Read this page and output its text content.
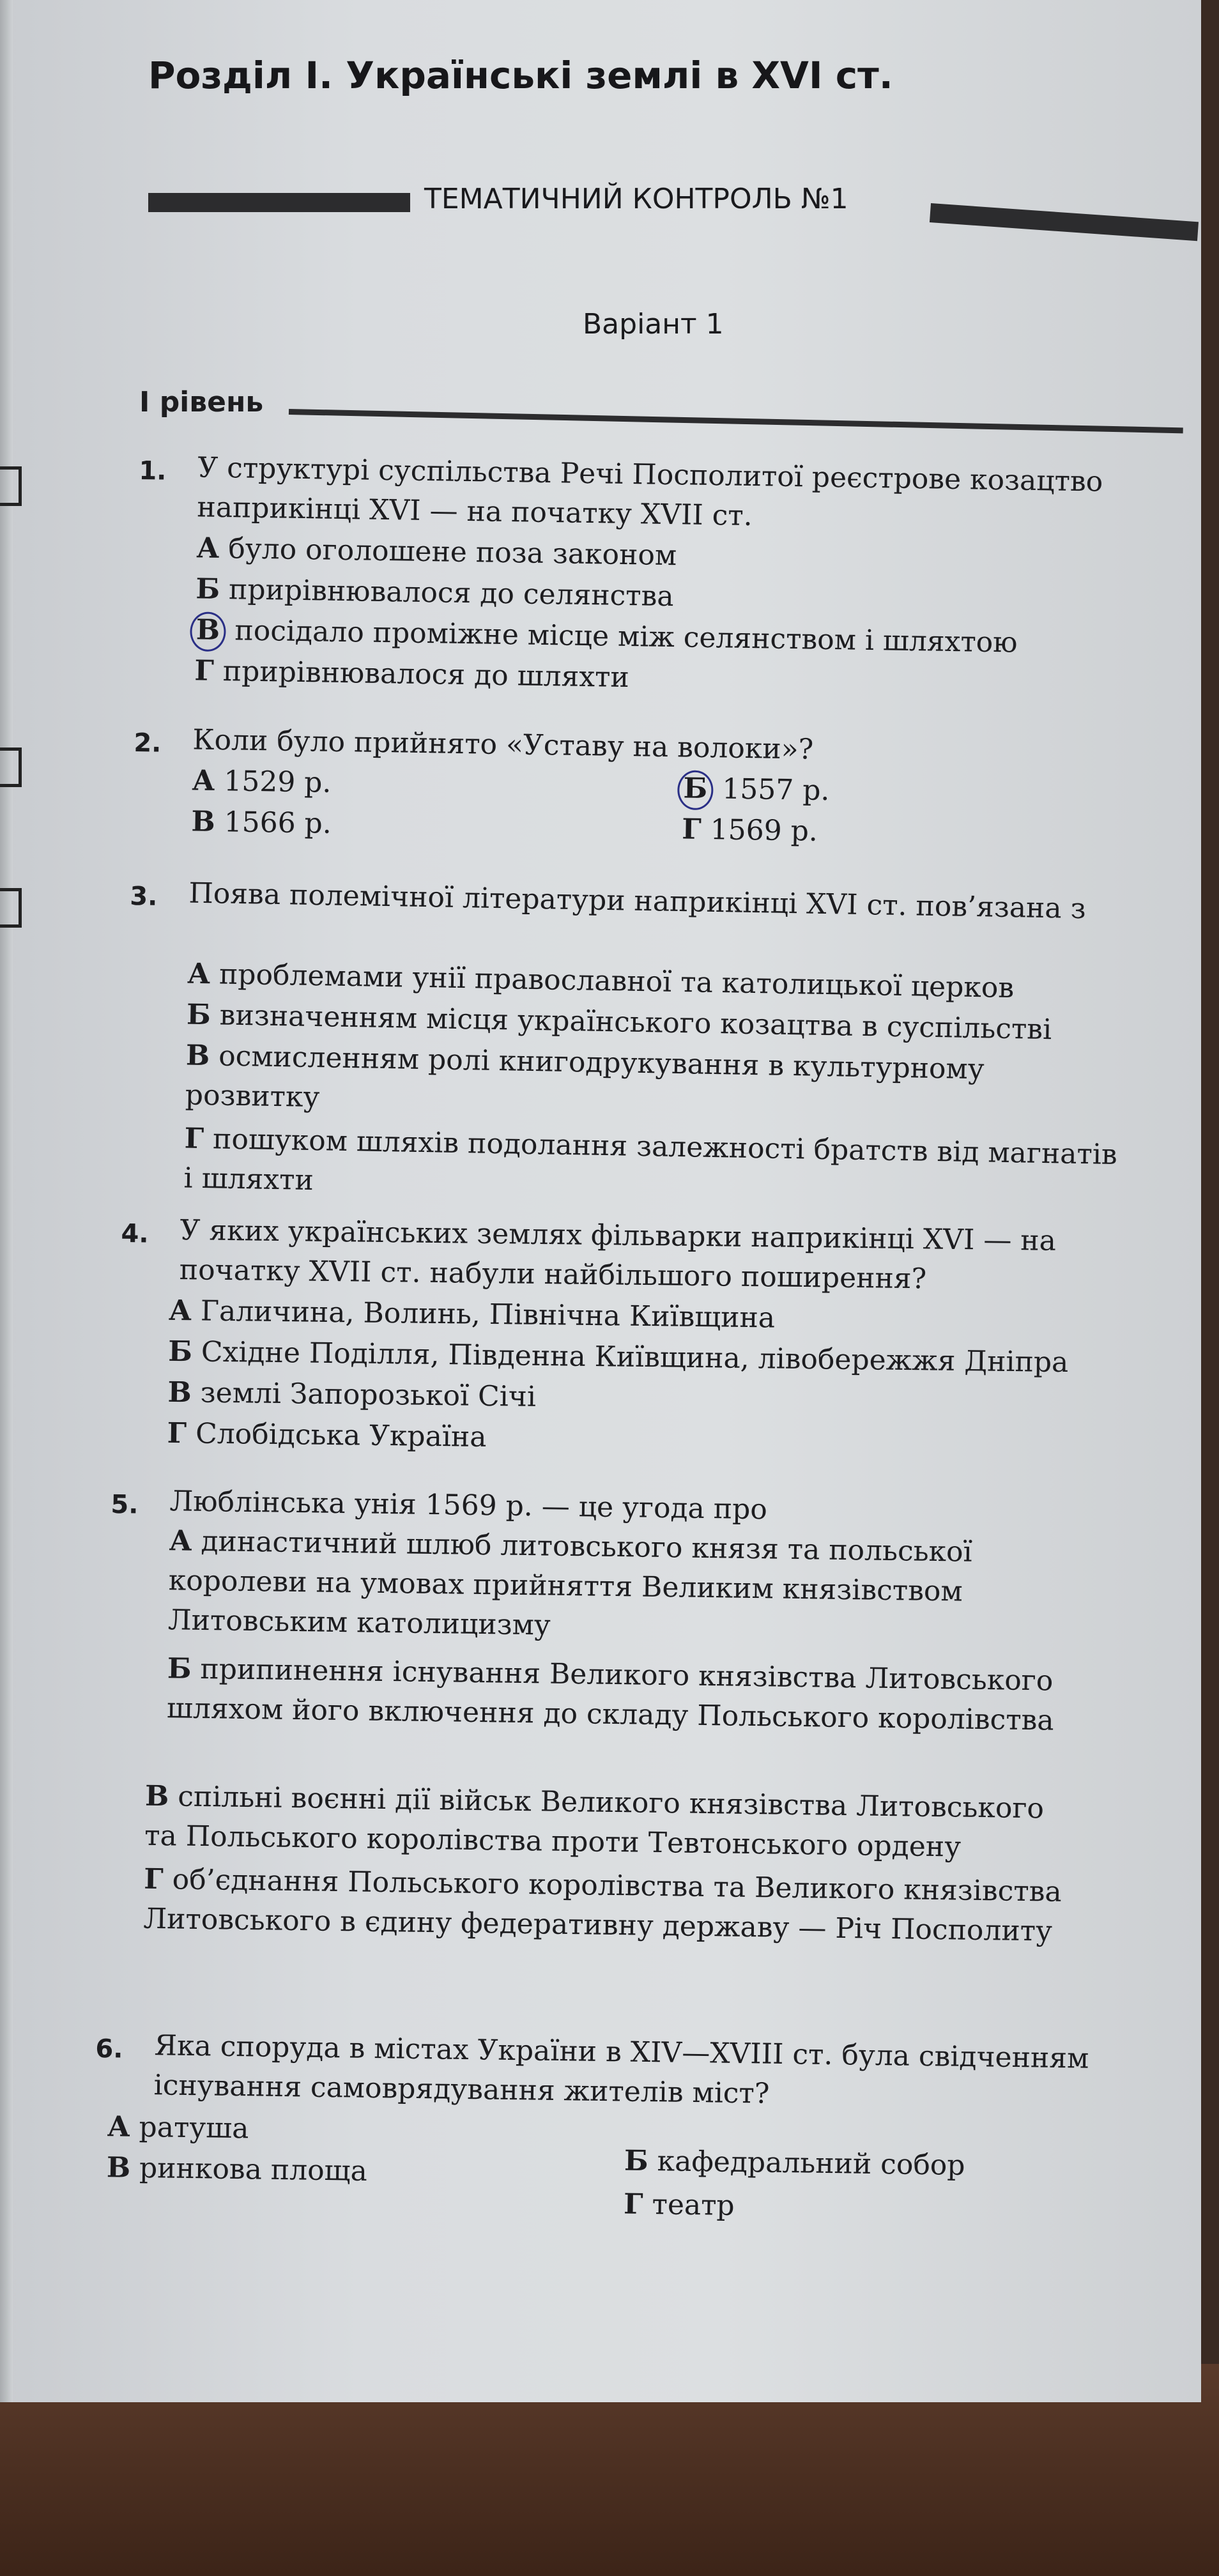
Розділ І. Українські землі в XVI ст.
ТЕМАТИЧНИЙ КОНТРОЛЬ №1
Варіант 1
І рівень
1. У структурі суспільства Речі Посполитої реєстрове козацтво наприкінці XVI — на початку XVII ст.
А було оголошене поза законом
Б прирівнювалося до селянства
В посідало проміжне місце між селянством і шляхтою
Г прирівнювалося до шляхти
2. Коли було прийнято «Уставу на волоки»?
А 1529 р.	Б 1557 р.
В 1566 р.	Г 1569 р.
3. Поява полемічної літератури наприкінці XVI ст. пов’язана з
А проблемами унії православної та католицької церков
Б визначенням місця українського козацтва в суспільстві
В осмисленням ролі книгодрукування в культурному розвитку
Г пошуком шляхів подолання залежності братств від магнатів і шляхти
4. У яких українських землях фільварки наприкінці XVI — на початку XVII ст. набули найбільшого поширення?
А Галичина, Волинь, Північна Київщина
Б Східне Поділля, Південна Київщина, лівобережжя Дніпра
В землі Запорозької Січі
Г Слобідська Україна
5. Люблінська унія 1569 р. — це угода про
А династичний шлюб литовського князя та польської королеви на умовах прийняття Великим князівством Литовським католицизму
Б припинення існування Великого князівства Литовського шляхом його включення до складу Польського королівства
В спільні воєнні дії військ Великого князівства Литовського та Польського королівства проти Тевтонського ордену
Г об’єднання Польського королівства та Великого князівства Литовського в єдину федеративну державу — Річ Посполиту
6. Яка споруда в містах України в XIV—XVIII ст. була свідченням існування самоврядування жителів міст?
А ратуша
Б кафедральний собор
В ринкова площа
Г театр
